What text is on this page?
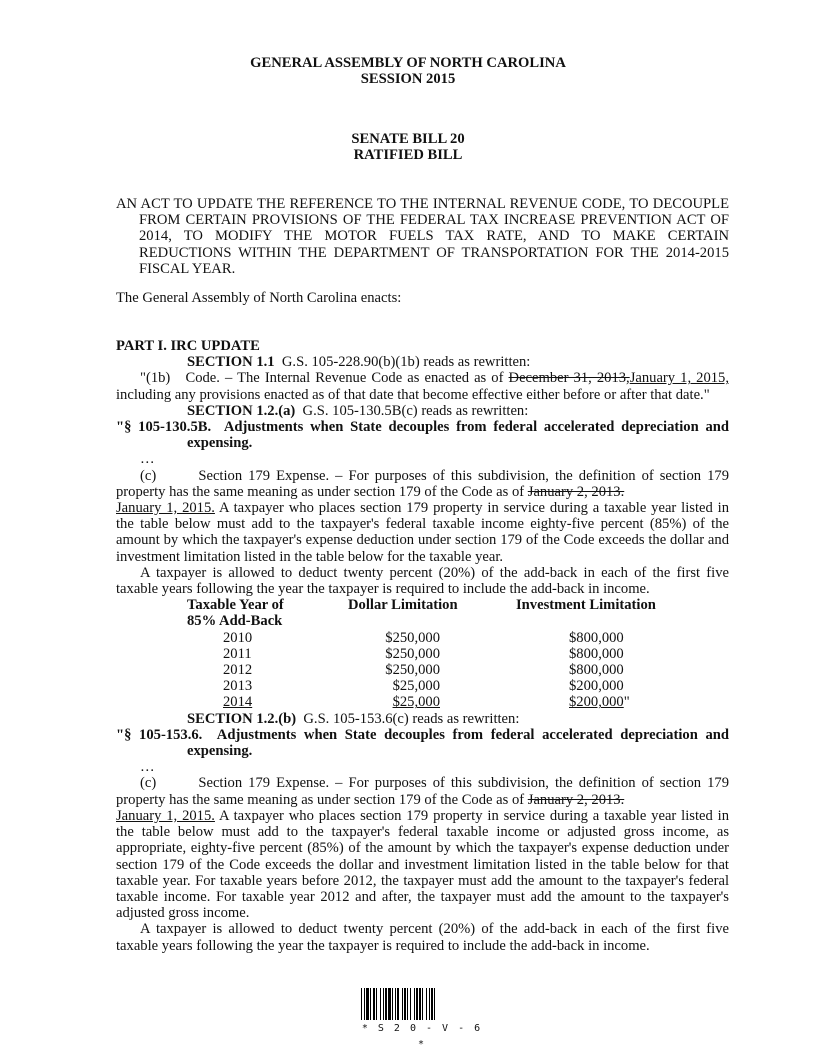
GENERAL ASSEMBLY OF NORTH CAROLINA
SESSION 2015
SENATE BILL 20
RATIFIED BILL

AN ACT TO UPDATE THE REFERENCE TO THE INTERNAL REVENUE CODE, TO DECOUPLE FROM CERTAIN PROVISIONS OF THE FEDERAL TAX INCREASE PREVENTION ACT OF 2014, TO MODIFY THE MOTOR FUELS TAX RATE, AND TO MAKE CERTAIN REDUCTIONS WITHIN THE DEPARTMENT OF TRANSPORTATION FOR THE 2014-2015 FISCAL YEAR.

The General Assembly of North Carolina enacts:

PART I. IRC UPDATE

SECTION 1.1 G.S. 105-228.90(b)(1b) reads as rewritten:

"(1b)   Code. – The Internal Revenue Code as enacted as of December 31, 2013,January 1, 2015, including any provisions enacted as of that date that become effective either before or after that date."

SECTION 1.2.(a) G.S. 105-130.5B(c) reads as rewritten:

"§ 105-130.5B. Adjustments when State decouples from federal accelerated depreciation and expensing.

…

(c)	Section 179 Expense. – For purposes of this subdivision, the definition of section 179 property has the same meaning as under section 179 of the Code as of January 2, 2013.
January 1, 2015. A taxpayer who places section 179 property in service during a taxable year listed in the table below must add to the taxpayer's federal taxable income eighty-five percent (85%) of the amount by which the taxpayer's expense deduction under section 179 of the Code exceeds the dollar and investment limitation listed in the table below for the taxable year.

A taxpayer is allowed to deduct twenty percent (20%) of the add-back in each of the first five taxable years following the year the taxpayer is required to include the add-back in income.

Taxable Year of	Dollar Limitation	Investment Limitation
85% Add-Back		
2010	$250,000	$800,000
2011	$250,000	$800,000
2012	$250,000	$800,000
2013	$25,000	$200,000
2014	$25,000	$200,000"

SECTION 1.2.(b) G.S. 105-153.6(c) reads as rewritten:

"§ 105-153.6. Adjustments when State decouples from federal accelerated depreciation and expensing.

…

(c)	Section 179 Expense. – For purposes of this subdivision, the definition of section 179 property has the same meaning as under section 179 of the Code as of January 2, 2013.
January 1, 2015. A taxpayer who places section 179 property in service during a taxable year listed in the table below must add to the taxpayer's federal taxable income or adjusted gross income, as appropriate, eighty-five percent (85%) of the amount by which the taxpayer's expense deduction under section 179 of the Code exceeds the dollar and investment limitation listed in the table below for that taxable year. For taxable years before 2012, the taxpayer must add the amount to the taxpayer's federal taxable income. For taxable year 2012 and after, the taxpayer must add the amount to the taxpayer's adjusted gross income.

A taxpayer is allowed to deduct twenty percent (20%) of the add-back in each of the first five taxable years following the year the taxpayer is required to include the add-back in income.

* S 2 0 - V - 6 *
